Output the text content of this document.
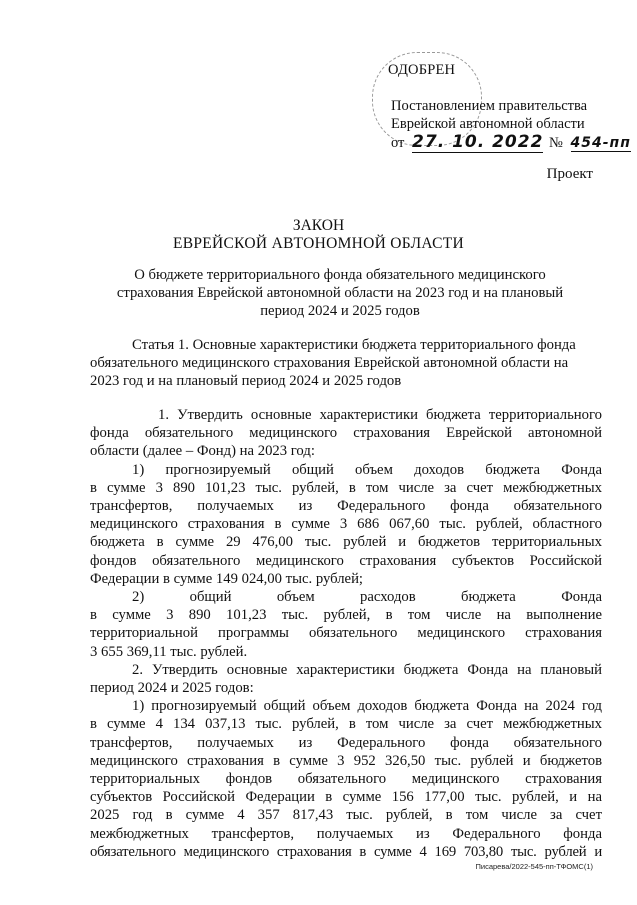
ОДОБРЕН
Постановлением правительства
Еврейской автономной области
от 27. 10. 2022 № 454-пп
Проект
ЗАКОН
ЕВРЕЙСКОЙ АВТОНОМНОЙ ОБЛАСТИ
О бюджете территориального фонда обязательного медицинского
страхования Еврейской автономной области на 2023 год и на плановый
период 2024 и 2025 годов
Статья 1. Основные характеристики бюджета территориального фонда
обязательного медицинского страхования Еврейской автономной области на
2023 год и на плановый период 2024 и 2025 годов
1. Утвердить основные характеристики бюджета территориального
фонда обязательного медицинского страхования Еврейской автономной
области (далее – Фонд) на 2023 год:
1) прогнозируемый общий объем доходов бюджета Фонда
в сумме 3 890 101,23 тыс. рублей, в том числе за счет межбюджетных
трансфертов, получаемых из Федерального фонда обязательного
медицинского страхования в сумме 3 686 067,60 тыс. рублей, областного
бюджета в сумме 29 476,00 тыс. рублей и бюджетов территориальных
фондов обязательного медицинского страхования субъектов Российской
Федерации в сумме 149 024,00 тыс. рублей;
2) общий объем расходов бюджета Фонда
в сумме 3 890 101,23 тыс. рублей, в том числе на выполнение
территориальной программы обязательного медицинского страхования
3 655 369,11 тыс. рублей.
2. Утвердить основные характеристики бюджета Фонда на плановый
период 2024 и 2025 годов:
1) прогнозируемый общий объем доходов бюджета Фонда на 2024 год
в сумме 4 134 037,13 тыс. рублей, в том числе за счет межбюджетных
трансфертов, получаемых из Федерального фонда обязательного
медицинского страхования в сумме 3 952 326,50 тыс. рублей и бюджетов
территориальных фондов обязательного медицинского страхования
субъектов Российской Федерации в сумме 156 177,00 тыс. рублей, и на
2025 год в сумме 4 357 817,43 тыс. рублей, в том числе за счет
межбюджетных трансфертов, получаемых из Федерального фонда
обязательного медицинского страхования в сумме 4 169 703,80 тыс. рублей и
Писарева/2022-545-пп-ТФОМС(1)
